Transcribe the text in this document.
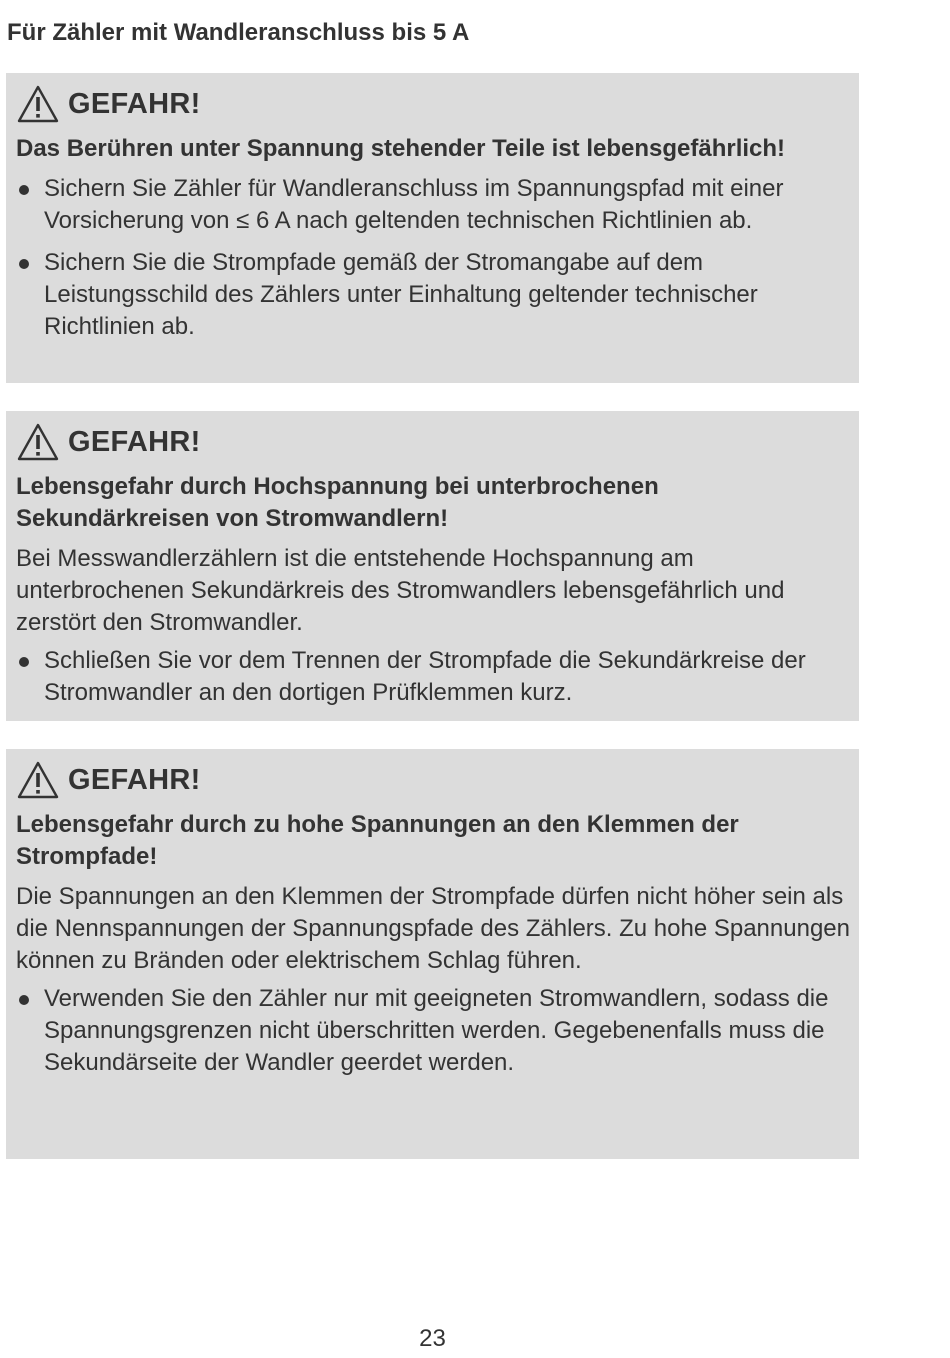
Für Zähler mit Wandleranschluss bis 5 A
GEFAHR!

Das Berühren unter Spannung stehender Teile ist lebensgefährlich!

Sichern Sie Zähler für Wandleranschluss im Spannungspfad mit einer Vorsicherung von ≤ 6 A nach geltenden technischen Richtlinien ab.
Sichern Sie die Strompfade gemäß der Stromangabe auf dem Leistungsschild des Zählers unter Einhaltung geltender technischer Richtlinien ab.
GEFAHR!

Lebensgefahr durch Hochspannung bei unterbrochenen Sekundärkreisen von Stromwandlern!

Bei Messwandlerzählern ist die entstehende Hochspannung am unterbrochenen Sekundärkreis des Stromwandlers lebensgefährlich und zerstört den Stromwandler.

Schließen Sie vor dem Trennen der Strompfade die Sekundärkreise der Stromwandler an den dortigen Prüfklemmen kurz.
GEFAHR!

Lebensgefahr durch zu hohe Spannungen an den Klemmen der Strompfade!

Die Spannungen an den Klemmen der Strompfade dürfen nicht höher sein als die Nennspannungen der Spannungspfade des Zählers. Zu hohe Spannungen können zu Bränden oder elektrischem Schlag führen.

Verwenden Sie den Zähler nur mit geeigneten Stromwandlern, sodass die Spannungsgrenzen nicht überschritten werden. Gegebenenfalls muss die Sekundärseite der Wandler geerdet werden.
23
